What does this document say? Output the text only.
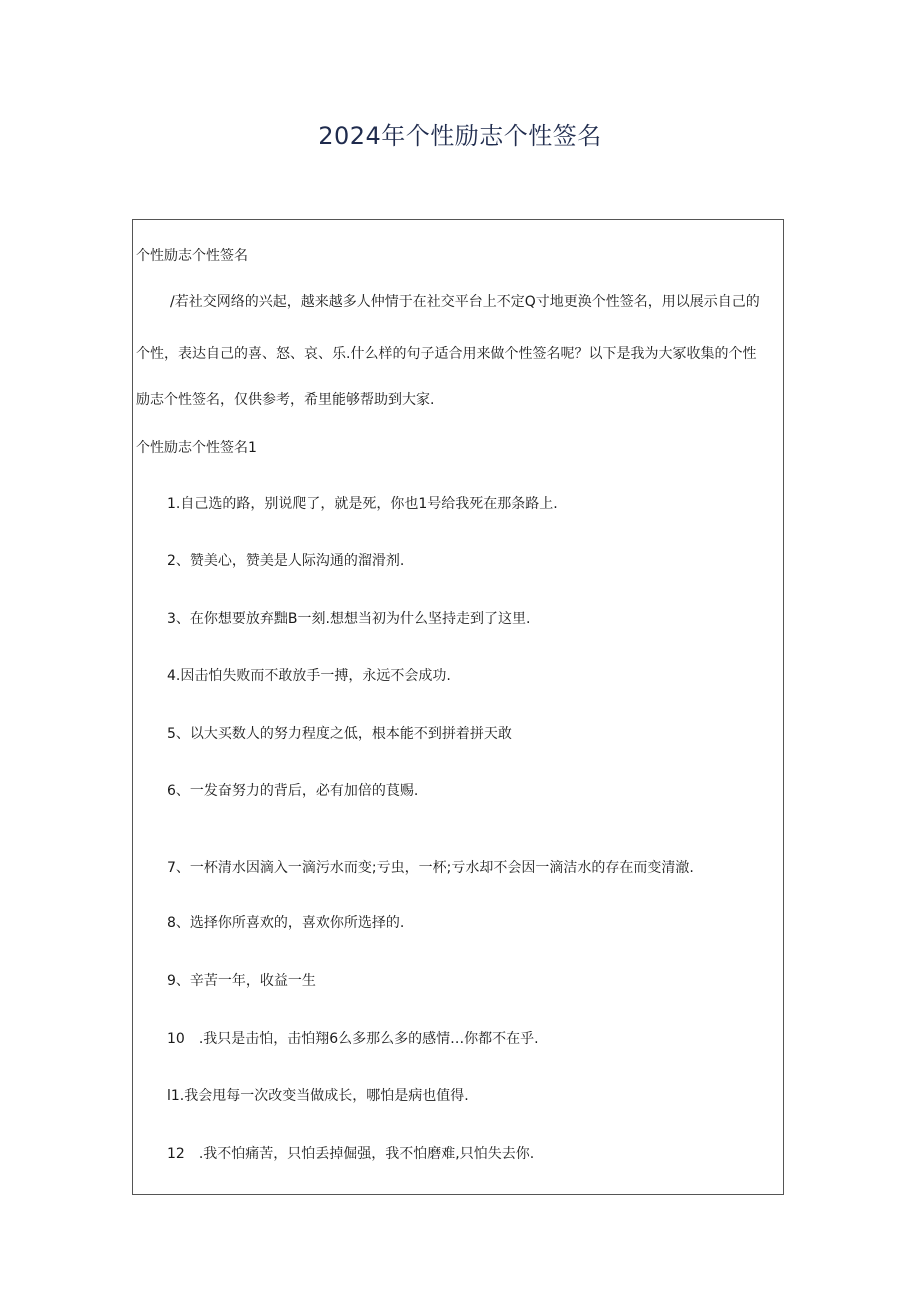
2024年个性励志个性签名
个性励志个性签名
/若社交网络的兴起，越来越多人仲情于在社交平台上不定Q寸地更涣个性签名，用以展示自己的
个性，表达自己的喜、怒、哀、乐.什么样的句子适合用来做个性签名呢？以下是我为大冢收集的个性
励志个性签名，仅供参考，希里能够帮助到大家.
个性励志个性签名1
1.自己选的路，别说爬了，就是死，你也1号给我死在那条路上.
2、赞美心，赞美是人际沟通的溜滑剂.
3、在你想要放弃黜B一刻.想想当初为什么坚持走到了这里.
4.因击怕失败而不敢放手一搏，永远不会成功.
5、以大买数人的努力程度之低，根本能不到拼着拼天敢
6、一发奋努力的背后，必有加倍的茛赐.
7、一杯清水因滴入一滴污水而变;亏虫，一杯;亏水却不会因一滴洁水的存在而变清澈.
8、选择你所喜欢的，喜欢你所选择的.
9、辛苦一年，收益一生
10　.我只是击怕，击怕翔6么多那么多的感情…你都不在乎.
l1.我会甩每一次改变当做成长，哪怕是病也值得.
12　.我不怕痛苦，只怕丢掉倔强，我不怕磨难,只怕失去你.
